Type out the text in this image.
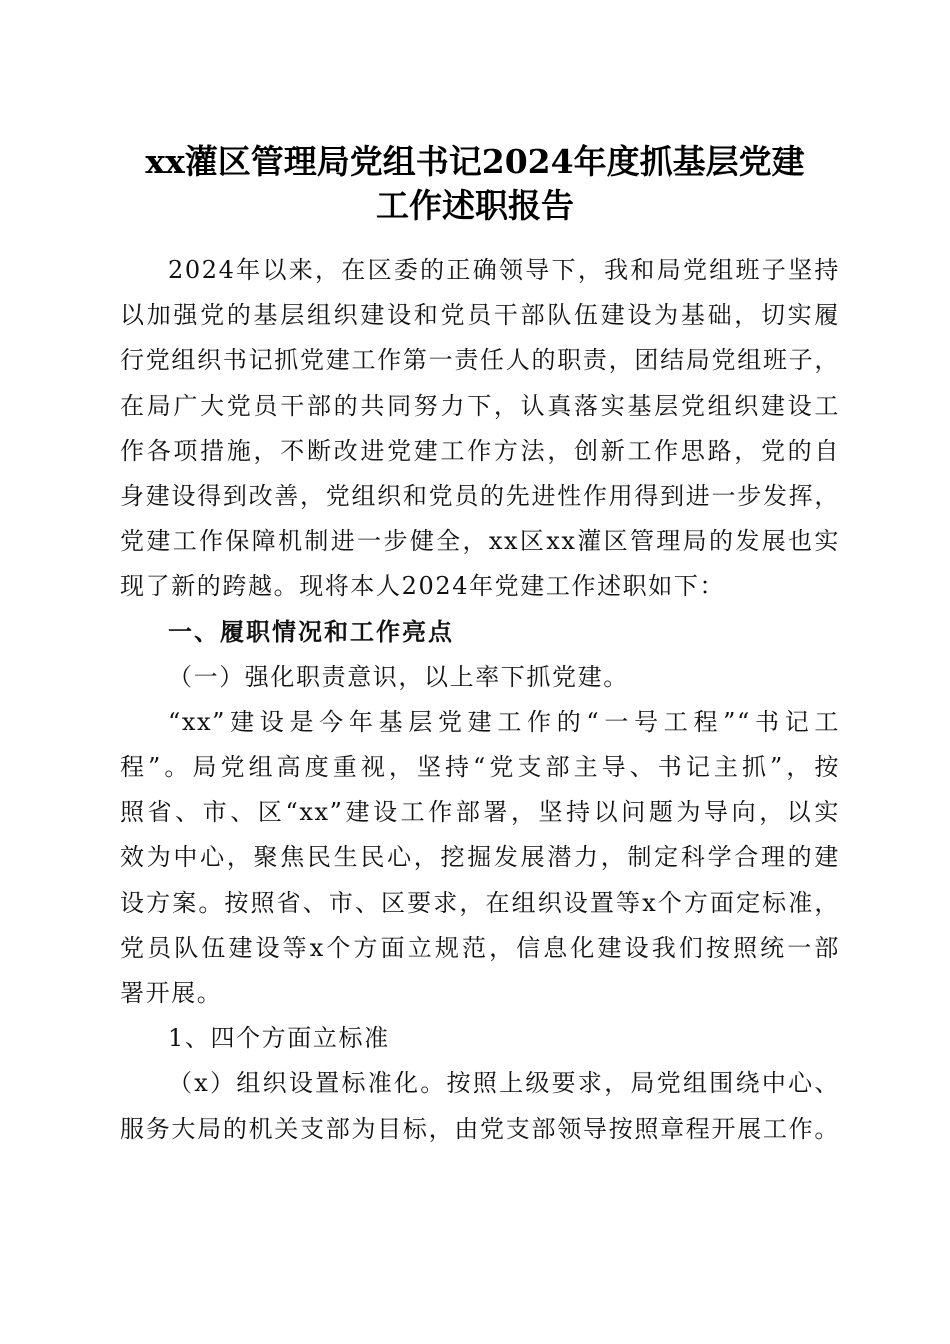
xx灌区管理局党组书记2024年度抓基层党建
工作述职报告
2024年以来，在区委的正确领导下，我和局党组班子坚持
以加强党的基层组织建设和党员干部队伍建设为基础，切实履
行党组织书记抓党建工作第一责任人的职责，团结局党组班子，
在局广大党员干部的共同努力下，认真落实基层党组织建设工
作各项措施，不断改进党建工作方法，创新工作思路，党的自
身建设得到改善，党组织和党员的先进性作用得到进一步发挥，
党建工作保障机制进一步健全，xx区xx灌区管理局的发展也实
现了新的跨越。现将本人2024年党建工作述职如下：
一、履职情况和工作亮点
（一）强化职责意识，以上率下抓党建。
“xx”建设是今年基层党建工作的“一号工程”“书记工
程”。局党组高度重视，坚持“党支部主导、书记主抓”，按
照省、市、区“xx”建设工作部署，坚持以问题为导向，以实
效为中心，聚焦民生民心，挖掘发展潜力，制定科学合理的建
设方案。按照省、市、区要求，在组织设置等x个方面定标准，
党员队伍建设等x个方面立规范，信息化建设我们按照统一部
署开展。
1、四个方面立标准
（x）组织设置标准化。按照上级要求，局党组围绕中心、
服务大局的机关支部为目标，由党支部领导按照章程开展工作。
